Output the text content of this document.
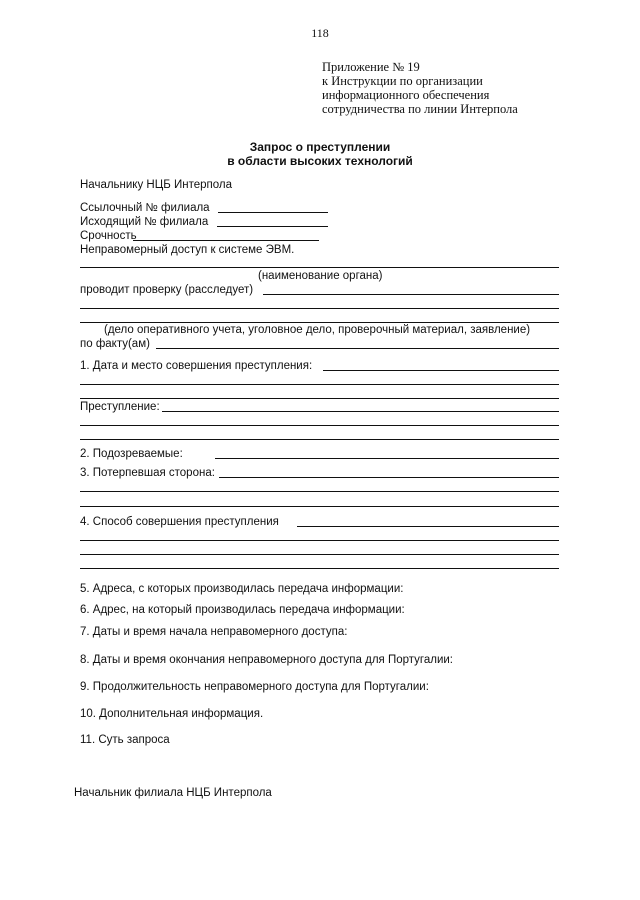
118
Приложение № 19
к Инструкции по организации
информационного обеспечения
сотрудничества по линии Интерпола
Запрос о преступлении
в области высоких технологий
Начальнику НЦБ Интерпола
Ссылочный № филиала
Исходящий № филиала
Срочность
Неправомерный доступ к системе ЭВМ.
(наименование органа)
проводит проверку (расследует)
(дело оперативного учета, уголовное дело, проверочный материал, заявление)
по факту(ам)
1. Дата и место совершения преступления:
Преступление:
2. Подозреваемые:
3. Потерпевшая сторона:
4. Способ совершения преступления
5. Адреса, с которых производилась передача информации:
6. Адрес, на который производилась передача информации:
7. Даты и время начала неправомерного доступа:
8. Даты и время окончания неправомерного доступа для Португалии:
9. Продолжительность неправомерного доступа для Португалии:
10. Дополнительная информация.
11. Суть запроса
Начальник филиала НЦБ Интерпола
